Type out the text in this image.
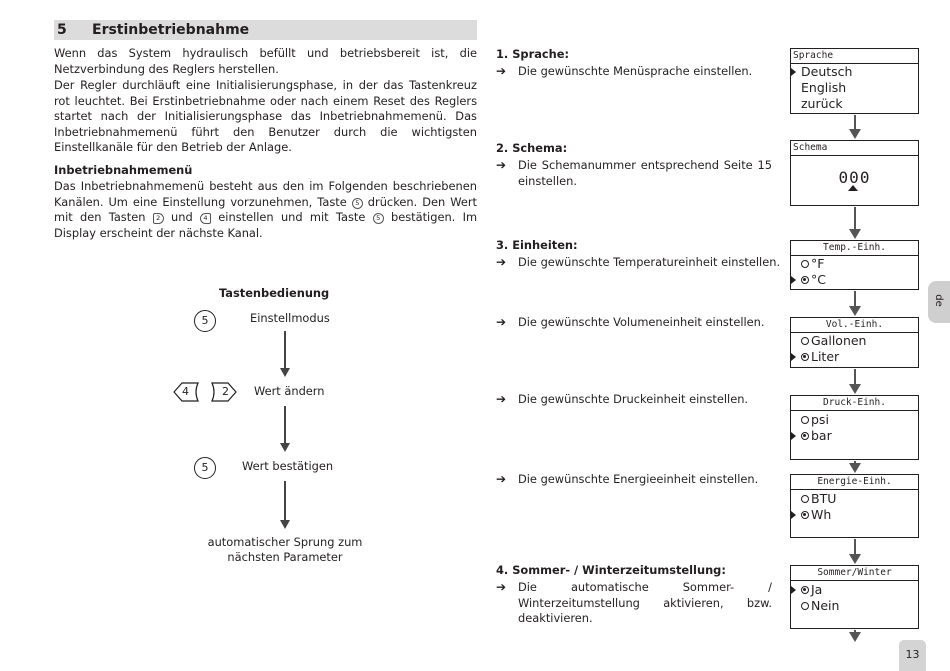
5 Erstinbetriebnahme

Wenn das System hydraulisch befüllt und betriebsbereit ist, die Netzverbindung des Reglers herstellen.

Der Regler durchläuft eine Initialisierungsphase, in der das Tastenkreuz rot leuchtet. Bei Erstinbetriebnahme oder nach einem Reset des Reglers startet nach der Initialisierungsphase das Inbetriebnahmemenü. Das Inbetriebnahmemenü führt den Benutzer durch die wichtigsten Einstellkanäle für den Betrieb der Anlage.

Inbetriebnahmemenü

Das Inbetriebnahmemenü besteht aus den im Folgenden beschriebenen Kanälen. Um eine Einstellung vorzunehmen, Taste 5 drücken. Den Wert mit den Tasten 2 und 4 einstellen und mit Taste 5 bestätigen. Im Display erscheint der nächste Kanal.

Tastenbedienung
5	Einstellmodus
4	2 Wert ändern
5	Wert bestätigen
automatischer Sprung zum
nächsten Parameter
1. Sprache:
➔ Die gewünschte Menüsprache einstellen.
2. Schema:
➔ Die Schemanummer entsprechend Seite 15 einstellen.
3. Einheiten:
➔ Die gewünschte Temperatureinheit einstellen.
➔ Die gewünschte Volumeneinheit einstellen.
➔ Die gewünschte Druckeinheit einstellen.
➔ Die gewünschte Energieeinheit einstellen.
4. Sommer- / Winterzeitumstellung:
➔ Die automatische Sommer- / Winterzeitumstellung aktivieren, bzw. deaktivieren.
Sprache
Deutsch
English
zurück
Schema
000
Temp.-Einh.
°F
°C
Vol.-Einh.
Gallonen
Liter
Druck-Einh.
psi
bar
Energie-Einh.
BTU
Wh
Sommer/Winter
Ja
Nein
de
13
